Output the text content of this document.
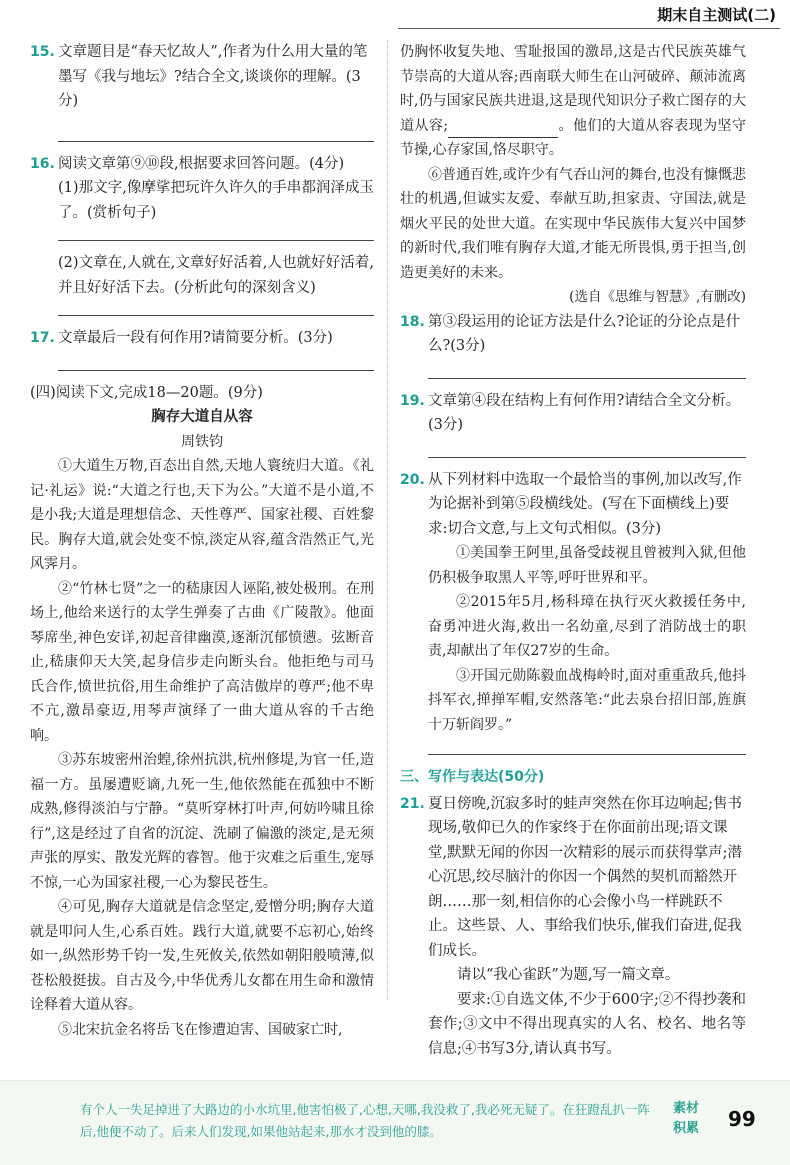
期末自主测试(二)
15. 文章题目是“春天忆故人”,作者为什么用大量的笔墨写《我与地坛》?结合全文,谈谈你的理解。(3分)
16. 阅读文章第⑨⑩段,根据要求回答问题。(4分)
(1)那文字,像摩挲把玩许久许久的手串都润泽成玉了。(赏析句子)
(2)文章在,人就在,文章好好活着,人也就好好活着,并且好好活下去。(分析此句的深刻含义)
17. 文章最后一段有何作用?请简要分析。(3分)
(四)阅读下文,完成18—20题。(9分)
胸存大道自从容
周铁钧
①大道生万物,百态出自然,天地人寰统归大道。《礼记·礼运》说:“大道之行也,天下为公。”大道不是小道,不是小我;大道是理想信念、天性尊严、国家社稷、百姓黎民。胸存大道,就会处变不惊,淡定从容,蕴含浩然正气,光风霁月。
②“竹林七贤”之一的嵇康因人诬陷,被处极刑。在刑场上,他给来送行的太学生弹奏了古曲《广陵散》。他面琴席坐,神色安详,初起音律幽漠,逐渐沉郁愤懑。弦断音止,嵇康仰天大笑,起身信步走向断头台。他拒绝与司马氏合作,愤世抗俗,用生命维护了高洁傲岸的尊严;他不卑不亢,激昂豪迈,用琴声演绎了一曲大道从容的千古绝响。
③苏东坡密州治蝗,徐州抗洪,杭州修堤,为官一任,造福一方。虽屡遭贬谪,九死一生,他依然能在孤独中不断成熟,修得淡泊与宁静。“莫听穿林打叶声,何妨吟啸且徐行”,这是经过了自省的沉淀、洗刷了偏激的淡定,是无须声张的厚实、散发光辉的睿智。他于灾难之后重生,宠辱不惊,一心为国家社稷,一心为黎民苍生。
④可见,胸存大道就是信念坚定,爱憎分明;胸存大道就是叩问人生,心系百姓。践行大道,就要不忘初心,始终如一,纵然形势千钧一发,生死攸关,依然如朝阳般喷薄,似苍松般挺拔。自古及今,中华优秀儿女都在用生命和激情诠释着大道从容。
⑤北宋抗金名将岳飞在惨遭迫害、国破家亡时,
仍胸怀收复失地、雪耻报国的激昂,这是古代民族英雄气节崇高的大道从容;西南联大师生在山河破碎、颠沛流离时,仍与国家民族共进退,这是现代知识分子救亡图存的大道从容;	。他们的大道从容表现为坚守节操,心存家国,恪尽职守。
⑥普通百姓,或许少有气吞山河的舞台,也没有慷慨悲壮的机遇,但诚实友爱、奉献互助,担家责、守国法,就是烟火平民的处世大道。在实现中华民族伟大复兴中国梦的新时代,我们唯有胸存大道,才能无所畏惧,勇于担当,创造更美好的未来。
(选自《思维与智慧》,有删改)
18. 第③段运用的论证方法是什么?论证的分论点是什么?(3分)
19. 文章第④段在结构上有何作用?请结合全文分析。(3分)
20. 从下列材料中选取一个最恰当的事例,加以改写,作为论据补到第⑤段横线处。(写在下面横线上)要求:切合文意,与上文句式相似。(3分)
①美国拳王阿里,虽备受歧视且曾被判入狱,但他仍积极争取黑人平等,呼吁世界和平。
②2015年5月,杨科璋在执行灭火救援任务中,奋勇冲进火海,救出一名幼童,尽到了消防战士的职责,却献出了年仅27岁的生命。
③开国元勋陈毅血战梅岭时,面对重重敌兵,他抖抖军衣,掸掸军帽,安然落笔:“此去泉台招旧部,旌旗十万斩阎罗。”
三、写作与表达(50分)
21. 夏日傍晚,沉寂多时的蛙声突然在你耳边响起;售书现场,敬仰已久的作家终于在你面前出现;语文课堂,默默无闻的你因一次精彩的展示而获得掌声;潜心沉思,绞尽脑汁的你因一个偶然的契机而豁然开朗……那一刻,相信你的心会像小鸟一样跳跃不止。这些景、人、事给我们快乐,催我们奋进,促我们成长。
请以“我心雀跃”为题,写一篇文章。
要求:①自选文体,不少于600字;②不得抄袭和套作;③文中不得出现真实的人名、校名、地名等信息;④书写3分,请认真书写。
有个人一失足掉进了大路边的小水坑里,他害怕极了,心想,天哪,我没救了,我必死无疑了。在狂蹬乱扒一阵后,他便不动了。后来人们发现,如果他站起来,那水才没到他的膝。
素材
积累 99
